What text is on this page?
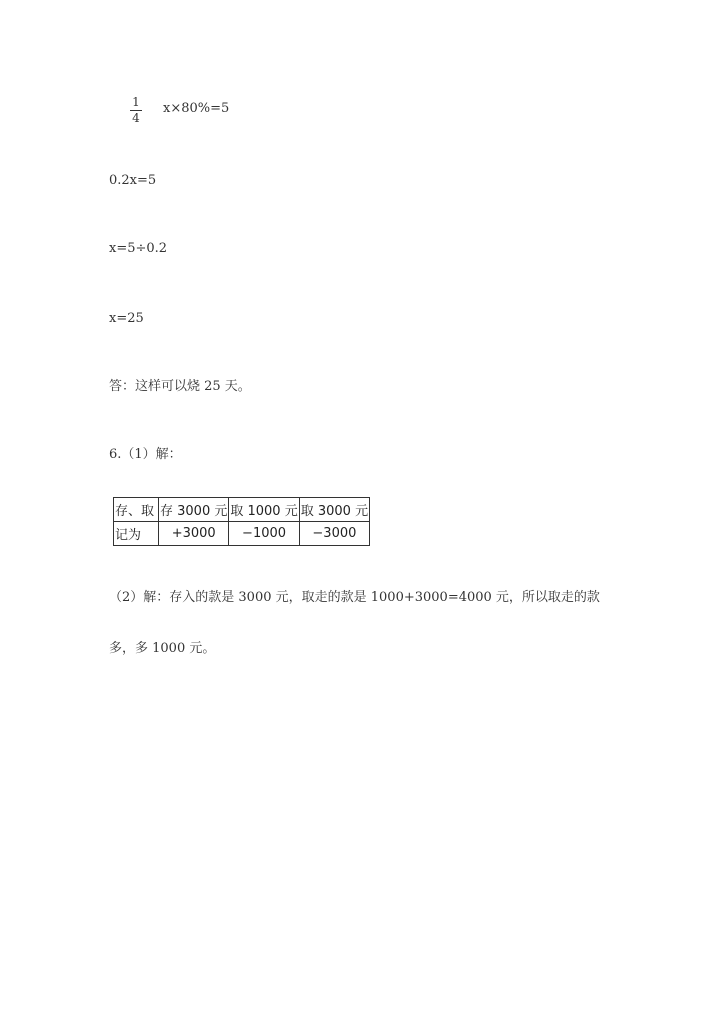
1
4
x×80%=5
0.2x=5
x=5÷0.2
x=25
答：这样可以烧 25 天。
6.（1）解：
存、取	存 3000 元	取 1000 元	取 3000 元
记为	+3000	−1000	−3000
（2）解：存入的款是 3000 元，取走的款是 1000+3000=4000 元，所以取走的款
多，多 1000 元。
